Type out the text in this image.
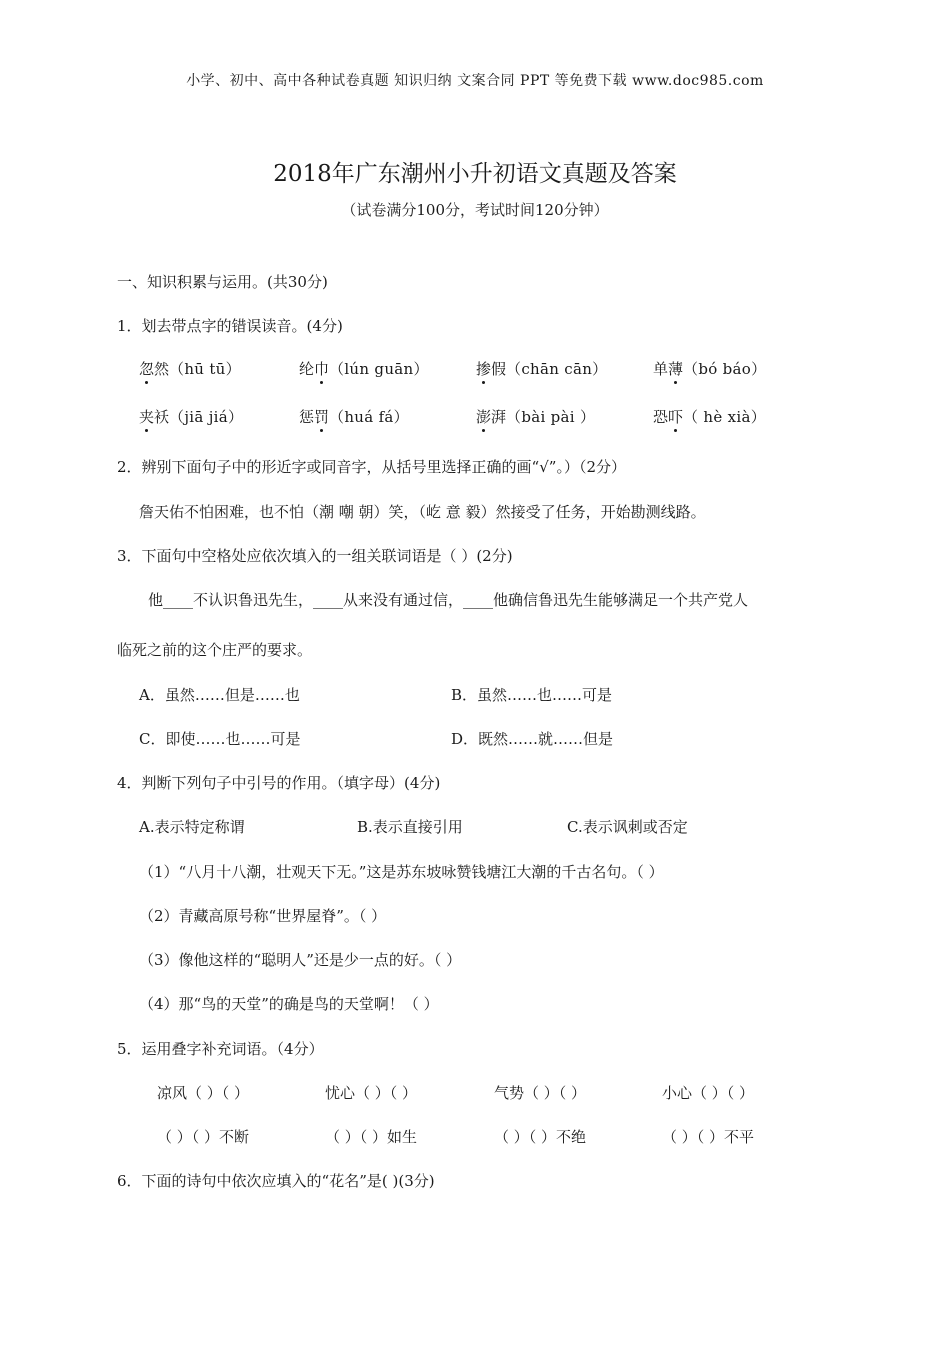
小学、初中、高中各种试卷真题 知识归纳 文案合同 PPT 等免费下载 www.doc985.com
2018年广东潮州小升初语文真题及答案
（试卷满分100分，考试时间120分钟）
一、知识积累与运用。(共30分)
1．划去带点字的错误读音。(4分)
忽然（hū tū）	纶巾（lún guān）	掺假（chān cān）	单薄（bó báo）
夹袄（jiā jiá）	惩罚（huá fá）	澎湃（bài pài ）	恐吓（ hè xià）
2．辨别下面句子中的形近字或同音字，从括号里选择正确的画“√”。）（2分）
詹天佑不怕困难，也不怕（潮 嘲 朝）笑，（屹 意 毅）然接受了任务，开始勘测线路。
3．下面句中空格处应依次填入的一组关联词语是（ ）(2分)
他____不认识鲁迅先生，____从来没有通过信，____他确信鲁迅先生能够满足一个共产党人
临死之前的这个庄严的要求。
A．虽然……但是……也	B．虽然……也……可是
C．即使……也……可是	D．既然……就……但是
4．判断下列句子中引号的作用。（填字母）(4分)
A.表示特定称谓	B.表示直接引用	C.表示讽刺或否定
（1）“八月十八潮，壮观天下无。”这是苏东坡咏赞钱塘江大潮的千古名句。（ ）
（2）青藏高原号称“世界屋脊”。（ ）
（3）像他这样的“聪明人”还是少一点的好。（ ）
（4）那“鸟的天堂”的确是鸟的天堂啊！（ ）
5．运用叠字补充词语。（4分）
凉风（ ）（ ）	忧心（ ）（ ）	气势（ ）（ ）	小心（ ）（ ）
（ ）（ ）不断	（ ）（ ）如生	（ ）（ ）不绝	（ ）（ ）不平
6．下面的诗句中依次应填入的“花名”是( )(3分)
